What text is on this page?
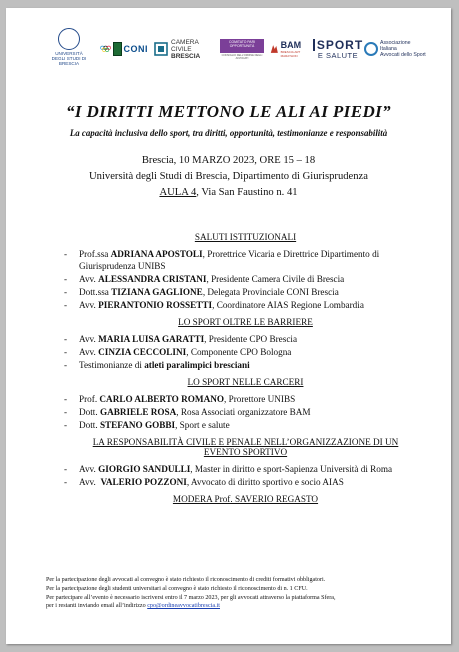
UNIVERSITÀ DEGLI STUDI DI BRESCIA
CONI
CAMERA
CIVILE
BRESCIA
COMITATO PARI OPPORTUNITÀ
CONSIGLIO DELL'ORDINE DEGLI AVVOCATI
BAM
BRESCIA ART MARATHON
SPORT
E SALUTE
Associazione
Italiana
Avvocati dello Sport
“I DIRITTI METTONO LE ALI AI PIEDI”
La capacità inclusiva dello sport, tra diritti, opportunità, testimonianze e responsabilità
Brescia, 10 MARZO 2023, ORE 15 – 18
Università degli Studi di Brescia, Dipartimento di Giurisprudenza
AULA 4, Via San Faustino n. 41
SALUTI ISTITUZIONALI
- Prof.ssa ADRIANA APOSTOLI, Prorettrice Vicaria e Direttrice Dipartimento di Giurisprudenza UNIBS
- Avv. ALESSANDRA CRISTANI, Presidente Camera Civile di Brescia
- Dott.ssa TIZIANA GAGLIONE, Delegata Provinciale CONI Brescia
- Avv. PIERANTONIO ROSSETTI, Coordinatore AIAS Regione Lombardia
LO SPORT OLTRE LE BARRIERE
- Avv. MARIA LUISA GARATTI, Presidente CPO Brescia
- Avv. CINZIA CECCOLINI, Componente CPO Bologna
- Testimonianze di atleti paralimpici bresciani
LO SPORT NELLE CARCERI
- Prof. CARLO ALBERTO ROMANO, Prorettore UNIBS
- Dott. GABRIELE ROSA, Rosa Associati organizzatore BAM
- Dott. STEFANO GOBBI, Sport e salute
LA RESPONSABILITÀ CIVILE E PENALE NELL’ORGANIZZAZIONE DI UN EVENTO SPORTIVO
- Avv. GIORGIO SANDULLI, Master in diritto e sport-Sapienza Università di Roma
- Avv.  VALERIO POZZONI, Avvocato di diritto sportivo e socio AIAS
MODERA Prof. SAVERIO REGASTO
Per la partecipazione degli avvocati al convegno è stato richiesto il riconoscimento di crediti formativi obbligatori.
Per la partecipazione degli studenti universitari al convegno è stato richiesto il riconoscimento di n. 1 CFU.
Per partecipare all’evento è necessario iscriversi entro il 7 marzo 2023, per gli avvocati attraverso la piattaforma Sfera,
per i restanti inviando email all’indirizzo cpo@ordineavvocatibrescia.it
